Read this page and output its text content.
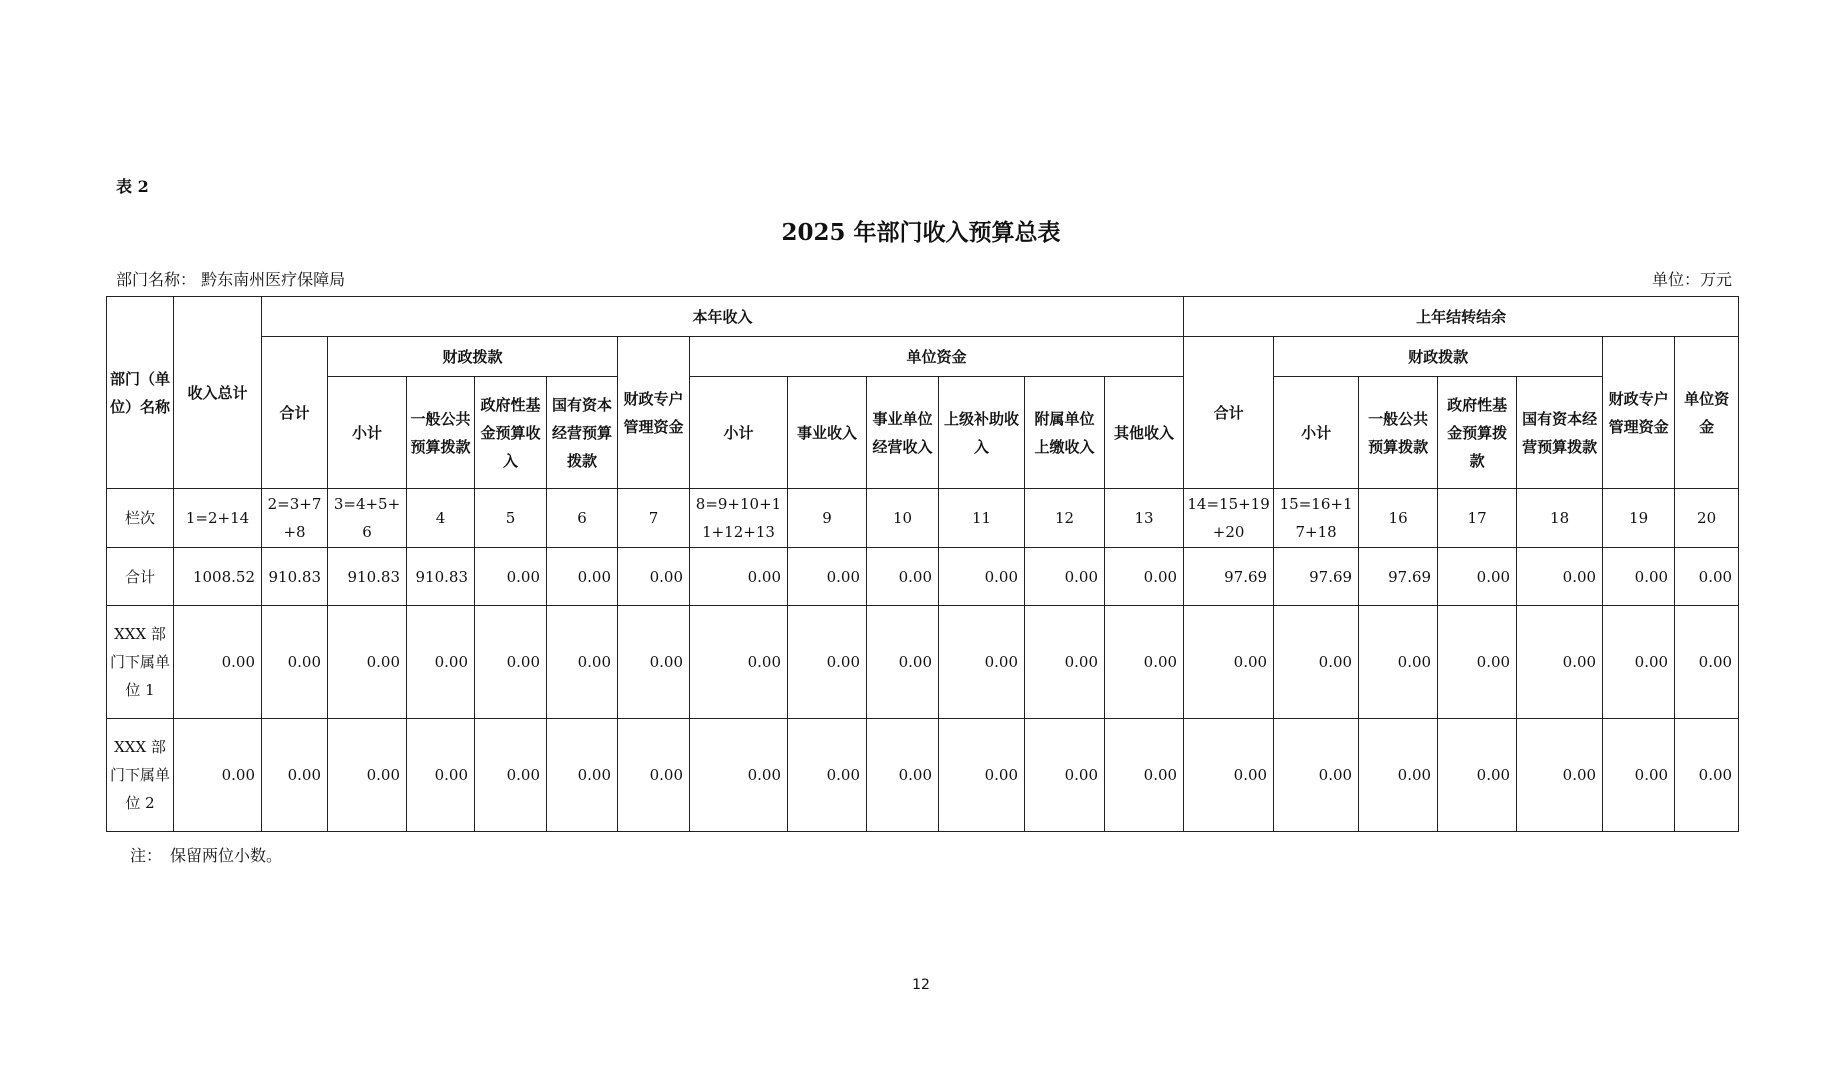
表 2
2025 年部门收入预算总表
部门名称： 黔东南州医疗保障局	单位：万元
部门（单位）名称	收入总计	本年收入												上年结转结余						
		合计	财政拨款				财政专户管理资金	单位资金						合计	财政拨款				财政专户管理资金	单位资金
			小计	一般公共预算拨款	政府性基金预算收入	国有资本经营预算拨款		小计	事业收入	事业单位经营收入	上级补助收入	附属单位上缴收入	其他收入		小计	一般公共预算拨款	政府性基金预算拨款	国有资本经营预算拨款		
栏次	1=2+14	2=3+7+8	3=4+5+6	4	5	6	7	8=9+10+11+12+13	9	10	11	12	13	14=15+19+20	15=16+17+18	16	17	18	19	20
合计	1008.52	910.83	910.83	910.83	0.00	0.00	0.00	0.00	0.00	0.00	0.00	0.00	0.00	97.69	97.69	97.69	0.00	0.00	0.00	0.00
XXX 部门下属单位 1	0.00	0.00	0.00	0.00	0.00	0.00	0.00	0.00	0.00	0.00	0.00	0.00	0.00	0.00	0.00	0.00	0.00	0.00	0.00	0.00
XXX 部门下属单位 2	0.00	0.00	0.00	0.00	0.00	0.00	0.00	0.00	0.00	0.00	0.00	0.00	0.00	0.00	0.00	0.00	0.00	0.00	0.00	0.00
注：　保留两位小数。
12
